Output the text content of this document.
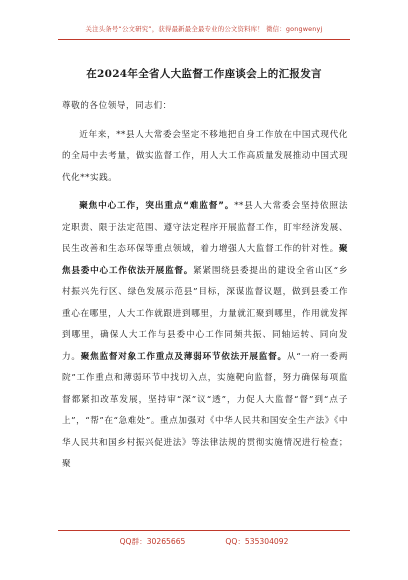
关注头条号“公文研究”，获得最新最全最专业的公文资料库！ 微信：gongwenyj
在2024年全省人大监督工作座谈会上的汇报发言

尊敬的各位领导，同志们：

近年来，**县人大常委会坚定不移地把自身工作放在中国式现代化的全局中去考量，做实监督工作，用人大工作高质量发展推动中国式现代化**实践。

聚焦中心工作，突出重点“难监督”。**县人大常委会坚持依照法定职责、限于法定范围、遵守法定程序开展监督工作，盯牢经济发展、民生改善和生态环保等重点领域，着力增强人大监督工作的针对性。聚焦县委中心工作依法开展监督。紧紧围绕县委提出的建设全省山区“乡村振兴先行区、绿色发展示范县”目标，深谋监督议题，做到县委工作重心在哪里，人大工作就跟进到哪里，力量就汇聚到哪里，作用就发挥到哪里，确保人大工作与县委中心工作同频共振、同轴运转、同向发力。聚焦监督对象工作重点及薄弱环节依法开展监督。从“一府一委两院”工作重点和薄弱环节中找切入点，实施靶向监督，努力确保每项监督都紧扣改革发展，坚持审“深”议“透”，力促人大监督“督”到“点子上”，“帮”在“急难处”。重点加强对《中华人民共和国安全生产法》《中华人民共和国乡村振兴促进法》等法律法规的贯彻实施情况进行检查；聚

QQ群：30265665	QQ：535304092
